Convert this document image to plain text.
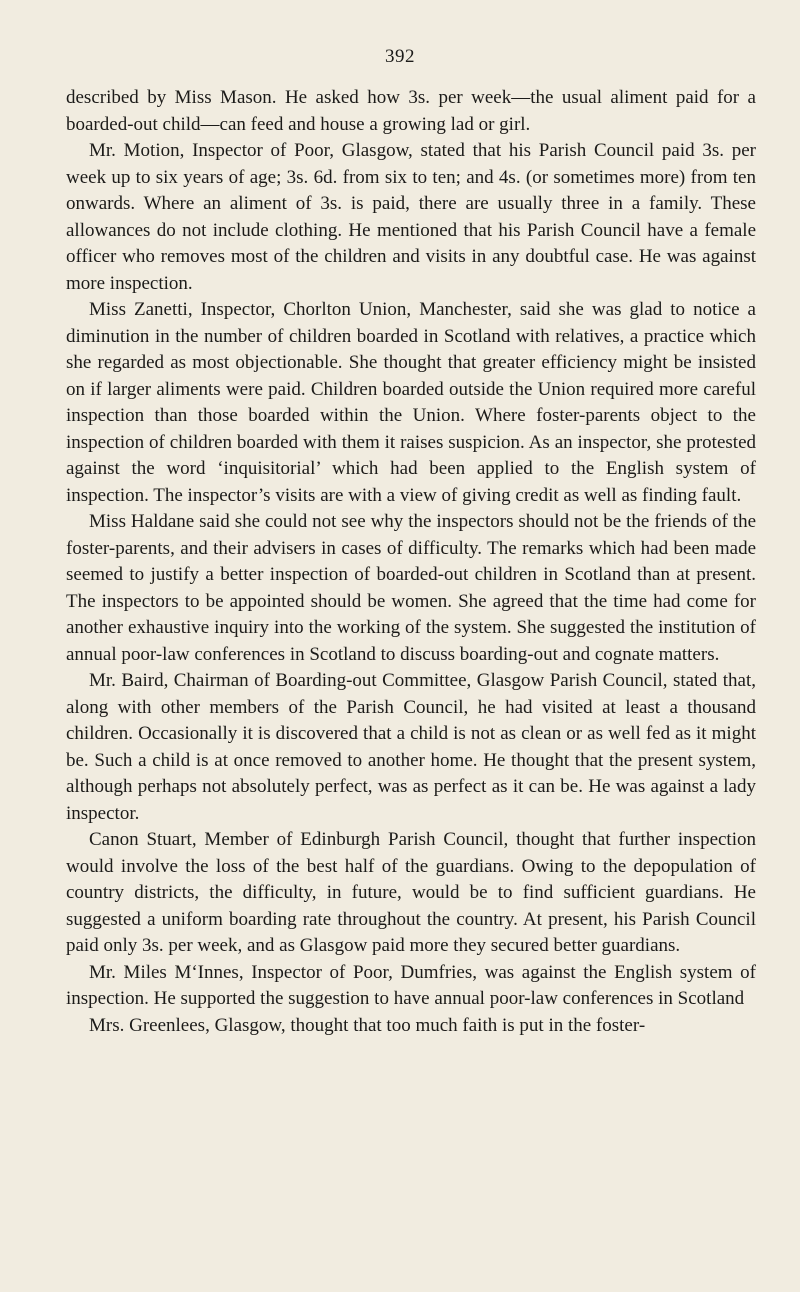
392

described by Miss Mason. He asked how 3s. per week—the usual aliment paid for a boarded-out child—can feed and house a growing lad or girl.

Mr. Motion, Inspector of Poor, Glasgow, stated that his Parish Council paid 3s. per week up to six years of age; 3s. 6d. from six to ten; and 4s. (or sometimes more) from ten onwards. Where an aliment of 3s. is paid, there are usually three in a family. These allowances do not include clothing. He mentioned that his Parish Council have a female officer who removes most of the children and visits in any doubtful case. He was against more inspection.

Miss Zanetti, Inspector, Chorlton Union, Manchester, said she was glad to notice a diminution in the number of children boarded in Scotland with relatives, a practice which she regarded as most objectionable. She thought that greater efficiency might be insisted on if larger aliments were paid. Children boarded outside the Union required more careful inspection than those boarded within the Union. Where foster-parents object to the inspection of children boarded with them it raises suspicion. As an inspector, she protested against the word ‘inquisitorial’ which had been applied to the English system of inspection. The inspector’s visits are with a view of giving credit as well as finding fault.

Miss Haldane said she could not see why the inspectors should not be the friends of the foster-parents, and their advisers in cases of difficulty. The remarks which had been made seemed to justify a better inspection of boarded-out children in Scotland than at present. The inspectors to be appointed should be women. She agreed that the time had come for another exhaustive inquiry into the working of the system. She suggested the institution of annual poor-law conferences in Scotland to discuss boarding-out and cognate matters.

Mr. Baird, Chairman of Boarding-out Committee, Glasgow Parish Council, stated that, along with other members of the Parish Council, he had visited at least a thousand children. Occasionally it is discovered that a child is not as clean or as well fed as it might be. Such a child is at once removed to another home. He thought that the present system, although perhaps not absolutely perfect, was as perfect as it can be. He was against a lady inspector.

Canon Stuart, Member of Edinburgh Parish Council, thought that further inspection would involve the loss of the best half of the guardians. Owing to the depopulation of country districts, the difficulty, in future, would be to find sufficient guardians. He suggested a uniform boarding rate throughout the country. At present, his Parish Council paid only 3s. per week, and as Glasgow paid more they secured better guardians.

Mr. Miles M‘Innes, Inspector of Poor, Dumfries, was against the English system of inspection. He supported the suggestion to have annual poor-law conferences in Scotland

Mrs. Greenlees, Glasgow, thought that too much faith is put in the foster-
